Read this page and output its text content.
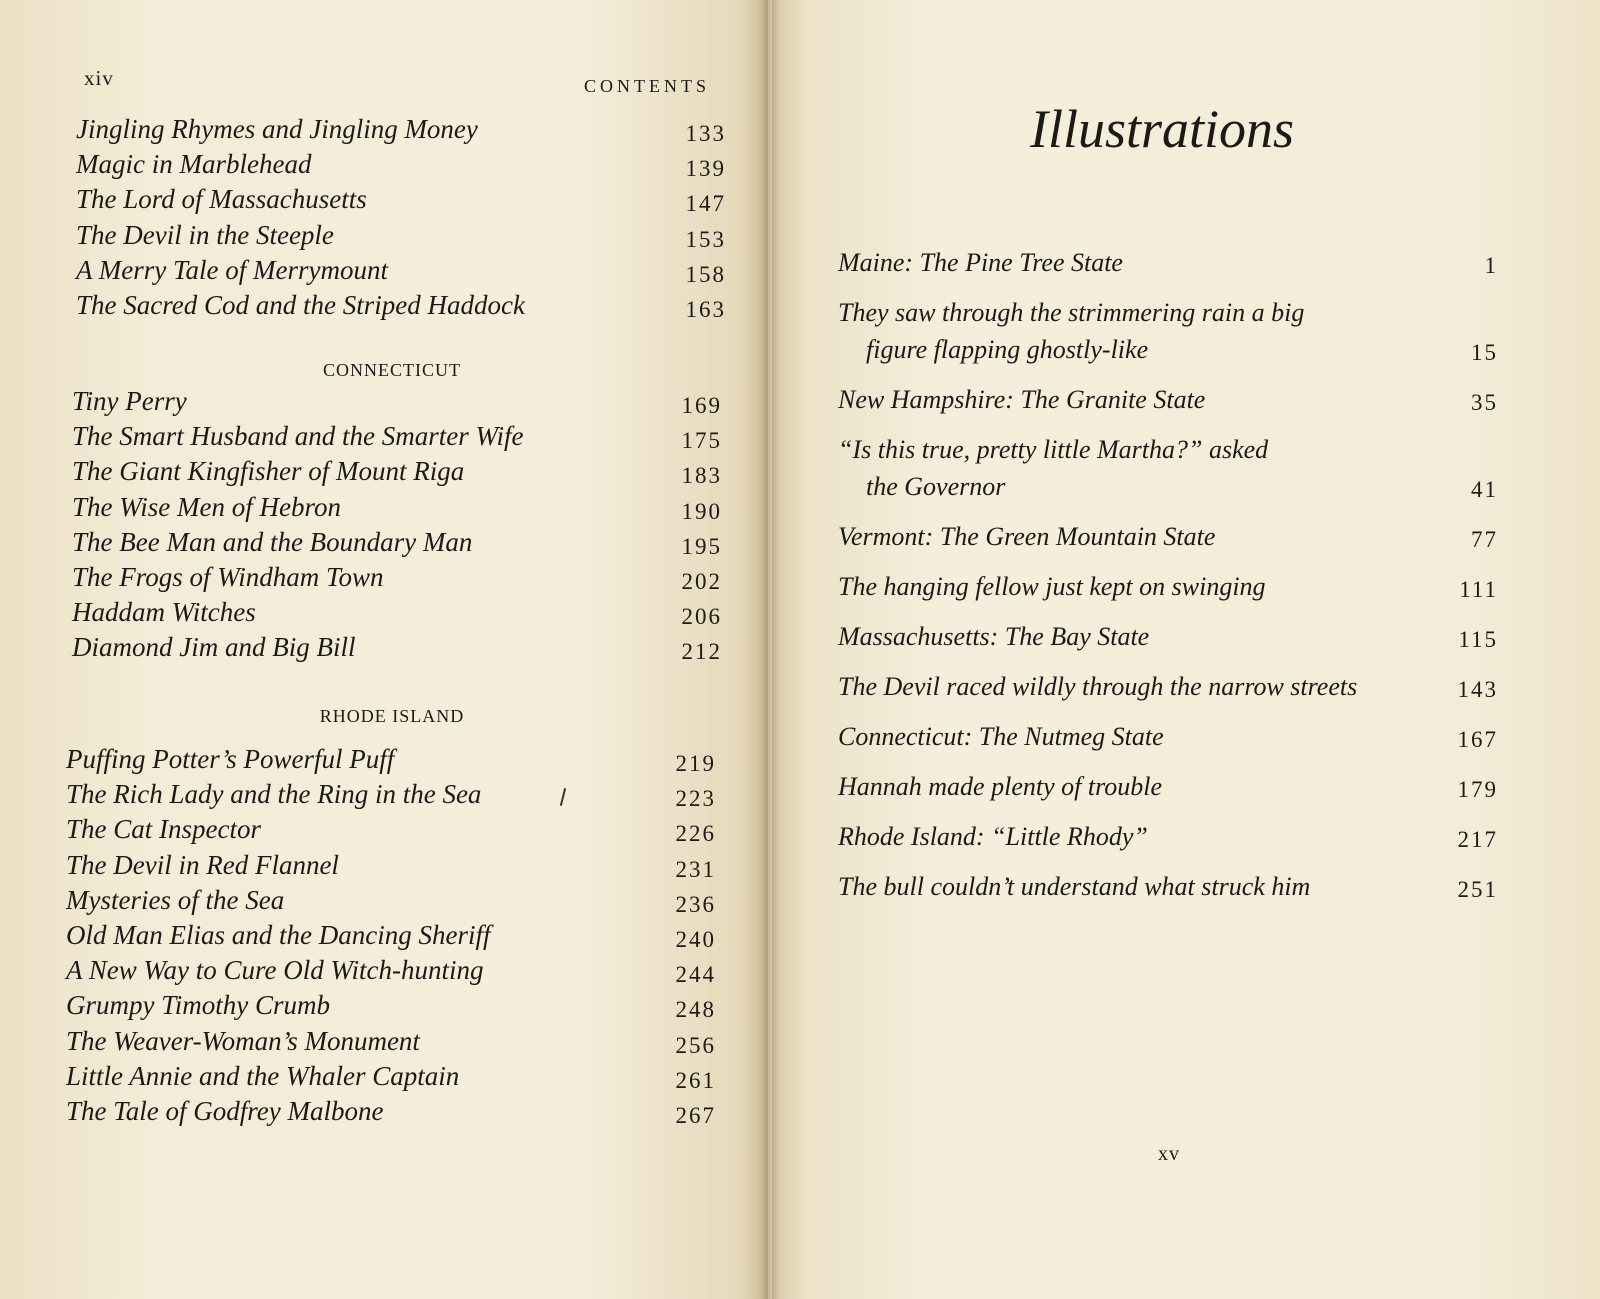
xiv	CONTENTS
Jingling Rhymes and Jingling Money	133
Magic in Marblehead	139
The Lord of Massachusetts	147
The Devil in the Steeple	153
A Merry Tale of Merrymount	158
The Sacred Cod and the Striped Haddock	163
CONNECTICUT
Tiny Perry	169
The Smart Husband and the Smarter Wife	175
The Giant Kingfisher of Mount Riga	183
The Wise Men of Hebron	190
The Bee Man and the Boundary Man	195
The Frogs of Windham Town	202
Haddam Witches	206
Diamond Jim and Big Bill	212
RHODE ISLAND
Puffing Potter’s Powerful Puff	219
The Rich Lady and the Ring in the Sea	223
The Cat Inspector	226
The Devil in Red Flannel	231
Mysteries of the Sea	236
Old Man Elias and the Dancing Sheriff	240
A New Way to Cure Old Witch-hunting	244
Grumpy Timothy Crumb	248
The Weaver-Woman’s Monument	256
Little Annie and the Whaler Captain	261
The Tale of Godfrey Malbone	267
Illustrations
Maine: The Pine Tree State	1
They saw through the strimmering rain a big
figure flapping ghostly-like	15
New Hampshire: The Granite State	35
“Is this true, pretty little Martha?” asked
the Governor	41
Vermont: The Green Mountain State	77
The hanging fellow just kept on swinging	111
Massachusetts: The Bay State	115
The Devil raced wildly through the narrow streets	143
Connecticut: The Nutmeg State	167
Hannah made plenty of trouble	179
Rhode Island: “Little Rhody”	217
The bull couldn’t understand what struck him	251
xv
